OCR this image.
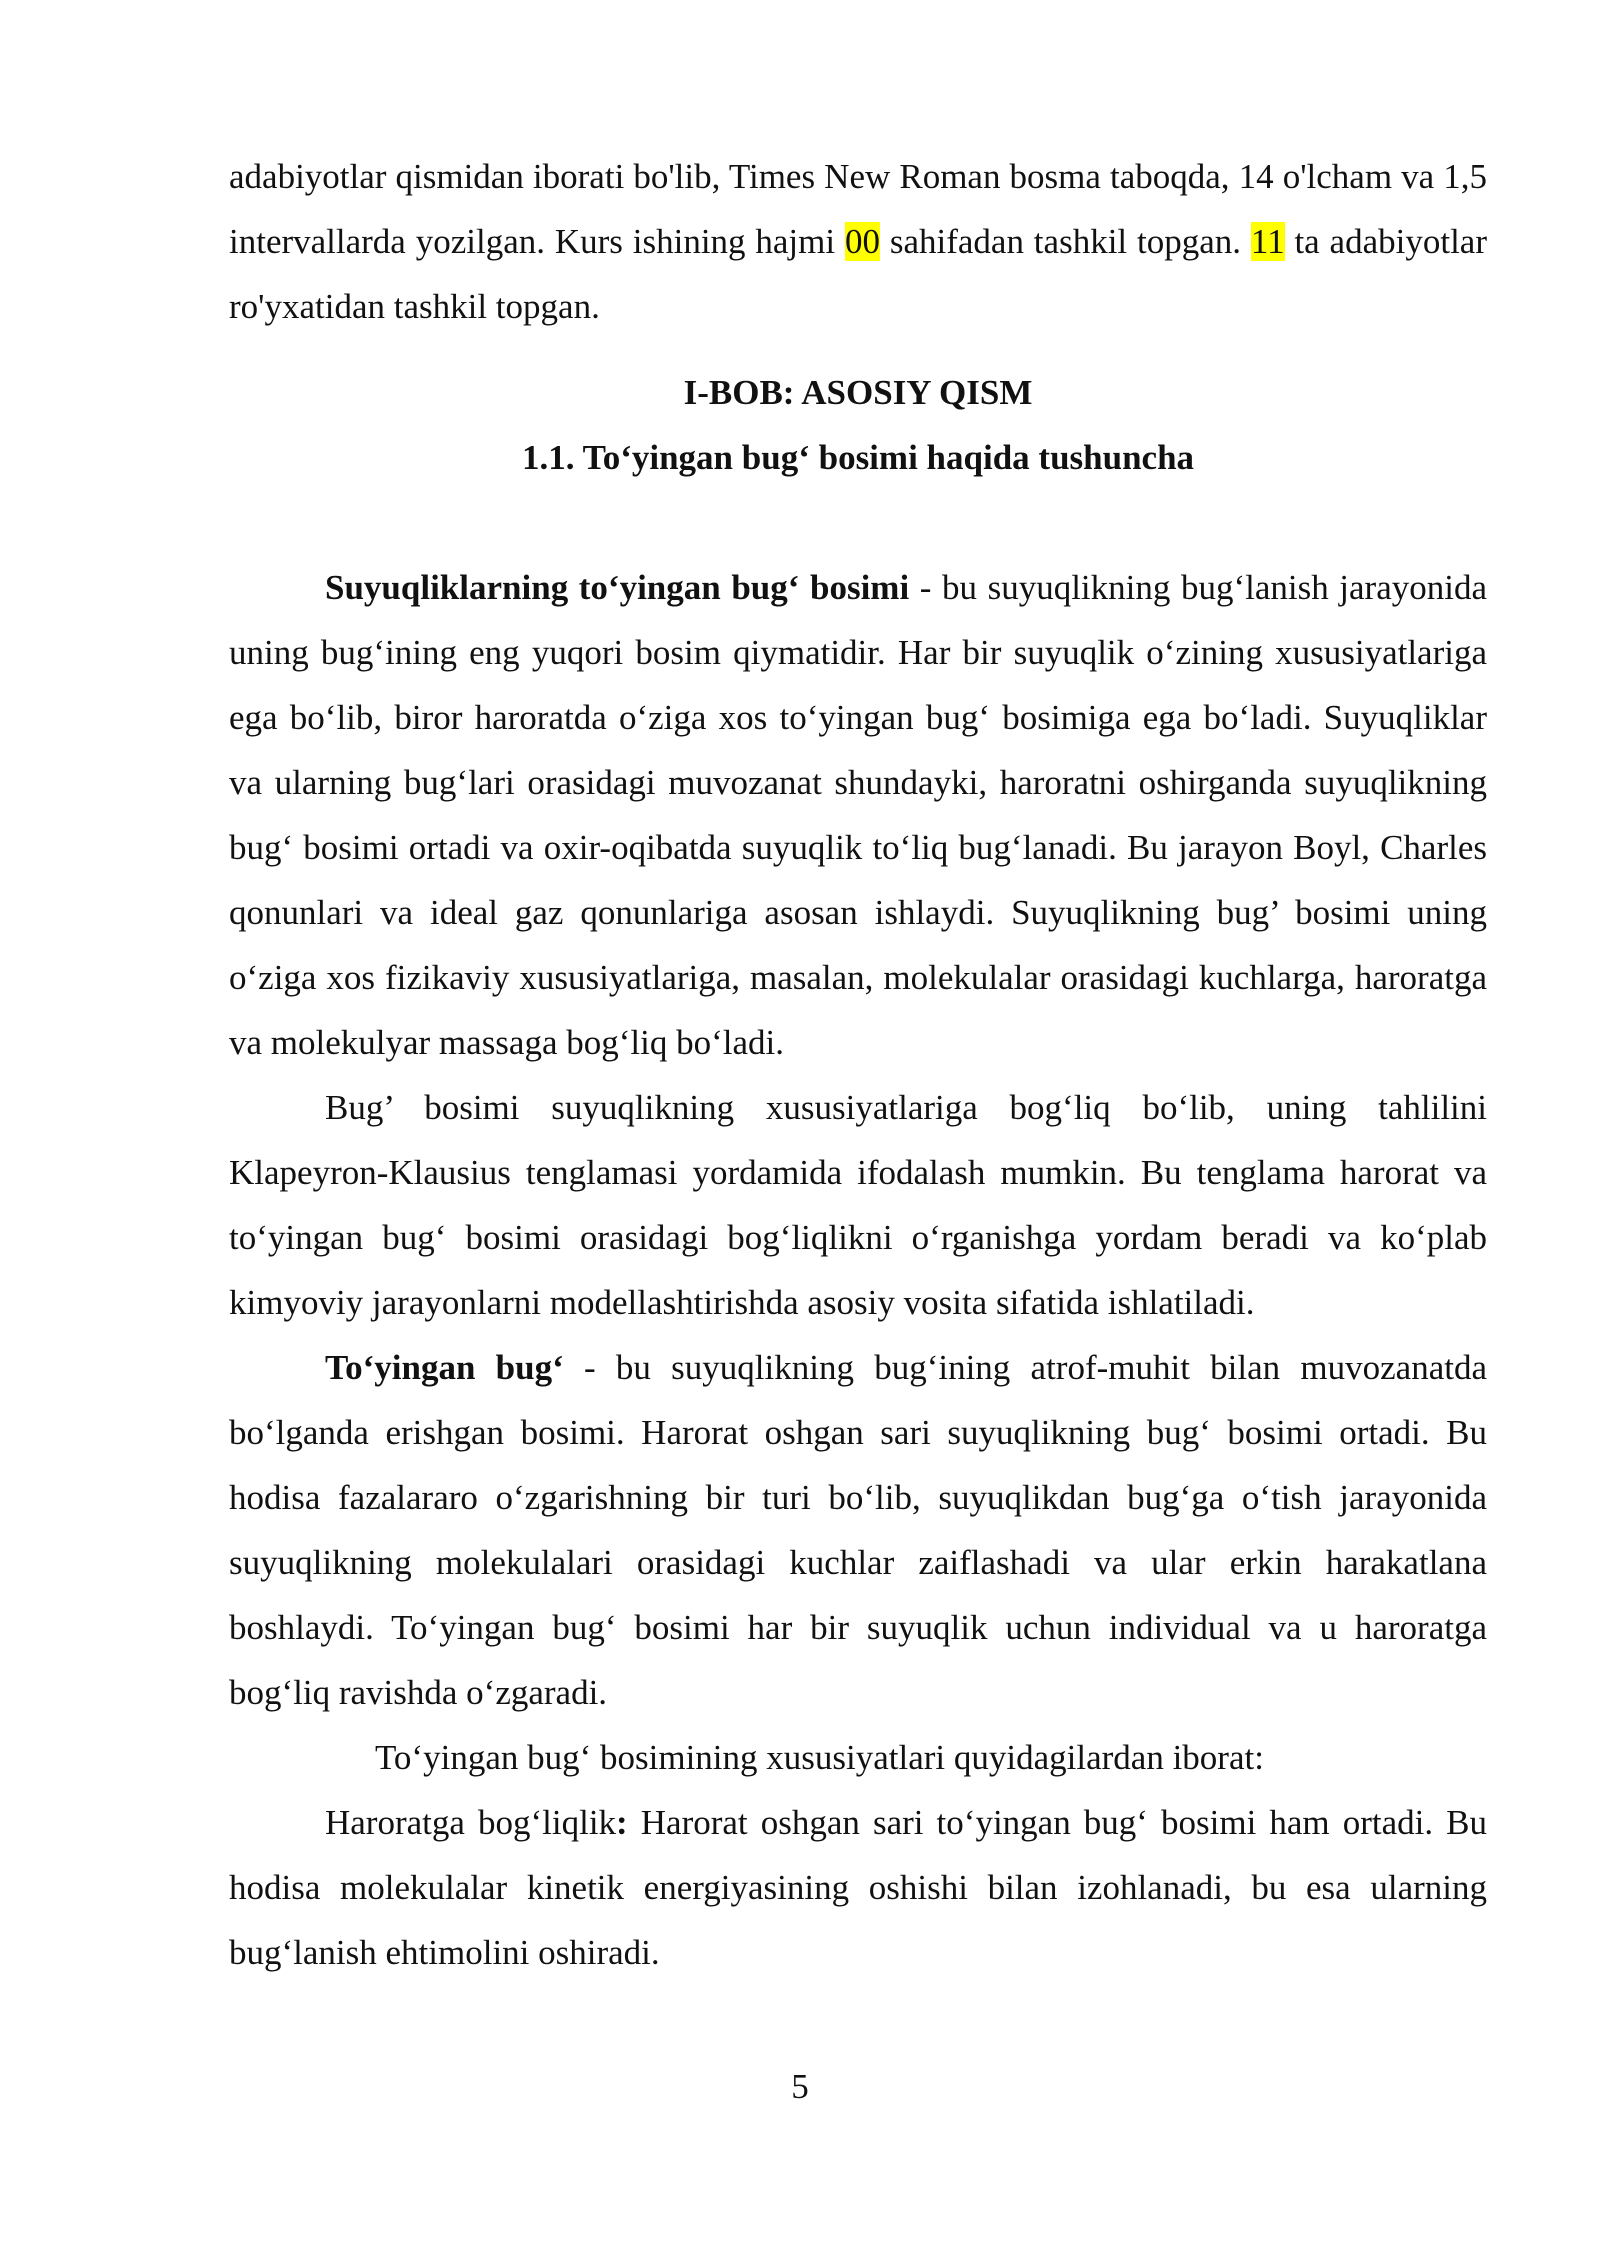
adabiyotlar qismidan iborati bo'lib, Times New Roman bosma taboqda, 14 o'lcham va 1,5 intervallarda yozilgan. Kurs ishining hajmi 00 sahifadan tashkil topgan. 11 ta adabiyotlar ro'yxatidan tashkil topgan.

I-BOB: ASOSIY QISM
1.1. To‘yingan bug‘ bosimi haqida tushuncha

Suyuqliklarning to‘yingan bug‘ bosimi - bu suyuqlikning bug‘lanish jarayonida uning bug‘ining eng yuqori bosim qiymatidir. Har bir suyuqlik o‘zining xususiyatlariga ega bo‘lib, biror haroratda o‘ziga xos to‘yingan bug‘ bosimiga ega bo‘ladi. Suyuqliklar va ularning bug‘lari orasidagi muvozanat shundayki, haroratni oshirganda suyuqlikning bug‘ bosimi ortadi va oxir-oqibatda suyuqlik to‘liq bug‘lanadi. Bu jarayon Boyl, Charles qonunlari va ideal gaz qonunlariga asosan ishlaydi. Suyuqlikning bug’ bosimi uning o‘ziga xos fizikaviy xususiyatlariga, masalan, molekulalar orasidagi kuchlarga, haroratga va molekulyar massaga bog‘liq bo‘ladi.

Bug’ bosimi suyuqlikning xususiyatlariga bog‘liq bo‘lib, uning tahlilini Klapeyron-Klausius tenglamasi yordamida ifodalash mumkin. Bu tenglama harorat va to‘yingan bug‘ bosimi orasidagi bog‘liqlikni o‘rganishga yordam beradi va ko‘plab kimyoviy jarayonlarni modellashtirishda asosiy vosita sifatida ishlatiladi.

To‘yingan bug‘ - bu suyuqlikning bug‘ining atrof-muhit bilan muvozanatda bo‘lganda erishgan bosimi. Harorat oshgan sari suyuqlikning bug‘ bosimi ortadi. Bu hodisa fazalararo o‘zgarishning bir turi bo‘lib, suyuqlikdan bug‘ga o‘tish jarayonida suyuqlikning molekulalari orasidagi kuchlar zaiflashadi va ular erkin harakatlana boshlaydi. To‘yingan bug‘ bosimi har bir suyuqlik uchun individual va u haroratga bog‘liq ravishda o‘zgaradi.

To‘yingan bug‘ bosimining xususiyatlari quyidagilardan iborat:

Haroratga bog‘liqlik: Harorat oshgan sari to‘yingan bug‘ bosimi ham ortadi. Bu hodisa molekulalar kinetik energiyasining oshishi bilan izohlanadi, bu esa ularning bug‘lanish ehtimolini oshiradi.

5
